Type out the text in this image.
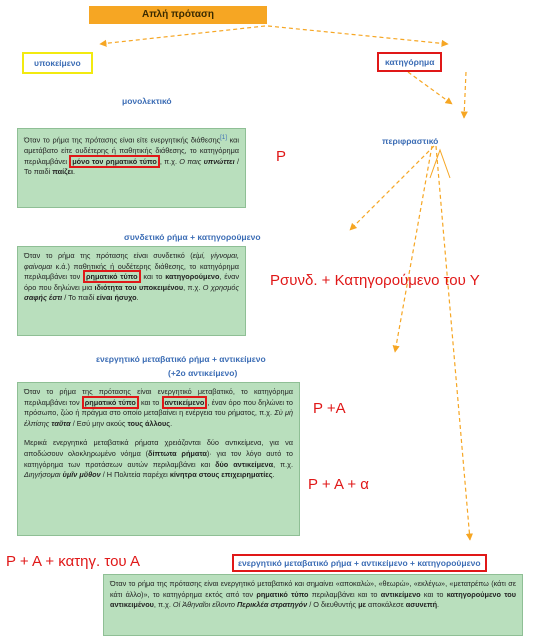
Απλή πρόταση
υποκείμενο	κατηγόρημα
μονολεκτικό
περιφραστικό

Όταν το ρήμα της πρότασης είναι είτε ενεργητικής διάθεσης[1] και αμετάβατο είτε ουδέτερης ή παθητικής διάθεσης, το κατηγόρημα περιλαμβάνει μόνο τον ρηματικό τύπο , π.χ. Ο παις υπνώττει / Το παιδί παίζει.

Ρ
συνδετικό ρήμα + κατηγορούμενο

Όταν το ρήμα της πρότασης είναι συνδετικό (είμί, γίγνομαι, φαίνομαι κ.ά.) παθητικής ή ουδέτερης διάθεσης, το κατηγόρημα περιλαμβάνει τον ρηματικό τύπο και το κατηγορούμενο, έναν όρο που δηλώνει μια ιδιότητα του υποκειμένου, π.χ. Ο χρησμός σαφής ἐστι / Το παιδί είναι ήσυχο.

Ρσυνδ. + Κατηγορούμενο του Υ
ενεργητικό μεταβατικό ρήμα + αντικείμενο
(+2ο αντικείμενο)

Όταν το ρήμα της πρότασης είναι ενεργητικό μεταβατικό, το κατηγόρημα περιλαμβάνει τον ρηματικό τύπο και το αντικείμενο , έναν όρο που δηλώνει το πρόσωπο, ζώο ή πράγμα στο οποίο μεταβαίνει η ενέργεια του ρήματος, π.χ. Σὺ μὴ ἐλπίσης ταῦτα / Εσύ μην ακούς τους άλλους.

Μερικά ενεργητικά μεταβατικά ρήματα χρειάζονται δύο αντικείμενα, για να αποδώσουν ολοκληρωμένο νόημα (δίπτωτα ρήματα)· για τον λόγο αυτό το κατηγόρημα των προτάσεων αυτών περιλαμβάνει και δύο αντικείμενα, π.χ. Διηγήσομαι ὑμῖν μῦθον / Η Πολιτεία παρέχει κίνητρα στους επιχειρηματίες.

Ρ +Α
Ρ + Α + α
Ρ + Α + κατηγ. του Α	ενεργητικό μεταβατικό ρήμα + αντικείμενο + κατηγορούμενο

Όταν το ρήμα της πρότασης είναι ενεργητικό μεταβατικό και σημαίνει «αποκαλώ», «θεωρώ», «εκλέγω», «μετατρέπω (κάτι σε κάτι άλλο)», το κατηγόρημα εκτός από τον ρηματικό τύπο περιλαμβάνει και το αντικείμενο και το κατηγορούμενο του αντικειμένου, π.χ. Οἱ Ἀθηναῖοι εἵλοντο Περικλέα στρατηγόν / Ο διευθυντής με αποκάλεσε ασυνεπή.
